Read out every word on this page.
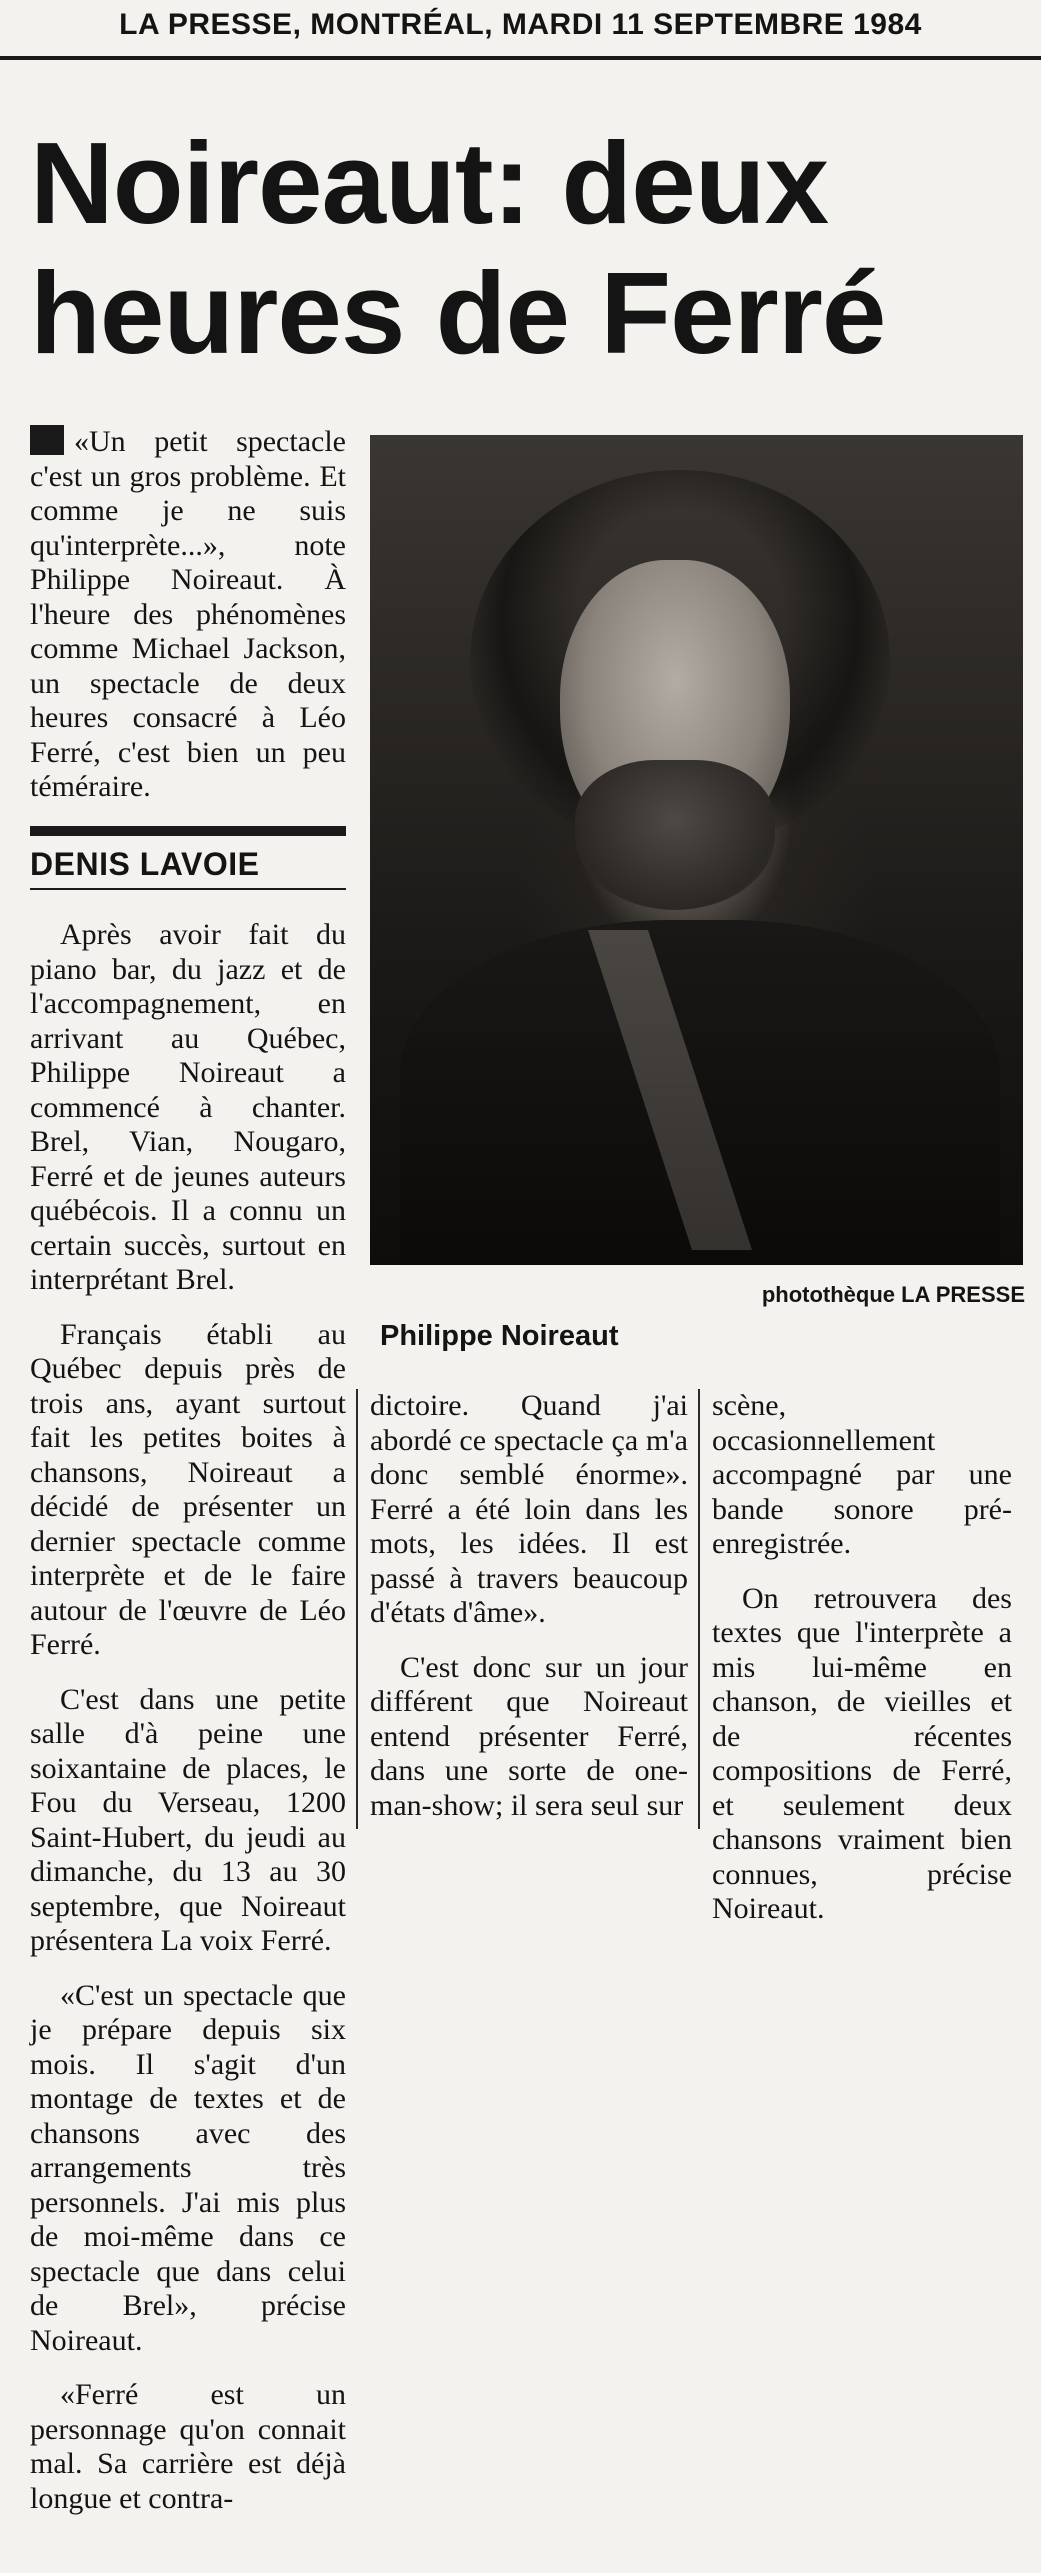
LA PRESSE, MONTRÉAL, MARDI 11 SEPTEMBRE 1984
Noireaut: deux
heures de Ferré

«Un petit spectacle c'est un gros problème. Et comme je ne suis qu'interprète...», note Philippe Noireaut. À l'heure des phénomènes comme Michael Jackson, un spectacle de deux heures consacré à Léo Ferré, c'est bien un peu téméraire.

DENIS LAVOIE

Après avoir fait du piano bar, du jazz et de l'accompagnement, en arrivant au Québec, Philippe Noireaut a commencé à chanter. Brel, Vian, Nougaro, Ferré et de jeunes auteurs québécois. Il a connu un certain succès, surtout en interprétant Brel.

Français établi au Québec depuis près de trois ans, ayant surtout fait les petites boites à chansons, Noireaut a décidé de présenter un dernier spectacle comme interprète et de le faire autour de l'œuvre de Léo Ferré.

C'est dans une petite salle d'à peine une soixantaine de places, le Fou du Verseau, 1200 Saint-Hubert, du jeudi au dimanche, du 13 au 30 septembre, que Noireaut présentera La voix Ferré.

«C'est un spectacle que je prépare depuis six mois. Il s'agit d'un montage de textes et de chansons avec des arrangements très personnels. J'ai mis plus de moi-même dans ce spectacle que dans celui de Brel», précise Noireaut.

«Ferré est un personnage qu'on connait mal. Sa carrière est déjà longue et contra-

photothèque LA PRESSE
Philippe Noireaut

dictoire. Quand j'ai abordé ce spectacle ça m'a donc semblé énorme». Ferré a été loin dans les mots, les idées. Il est passé à travers beaucoup d'états d'âme».

C'est donc sur un jour différent que Noireaut entend présenter Ferré, dans une sorte de one-man-show; il sera seul sur

scène, occasionnellement accompagné par une bande sonore pré-enregistrée.

On retrouvera des textes que l'interprète a mis lui-même en chanson, de vieilles et de récentes compositions de Ferré, et seulement deux chansons vraiment bien connues, précise Noireaut.
